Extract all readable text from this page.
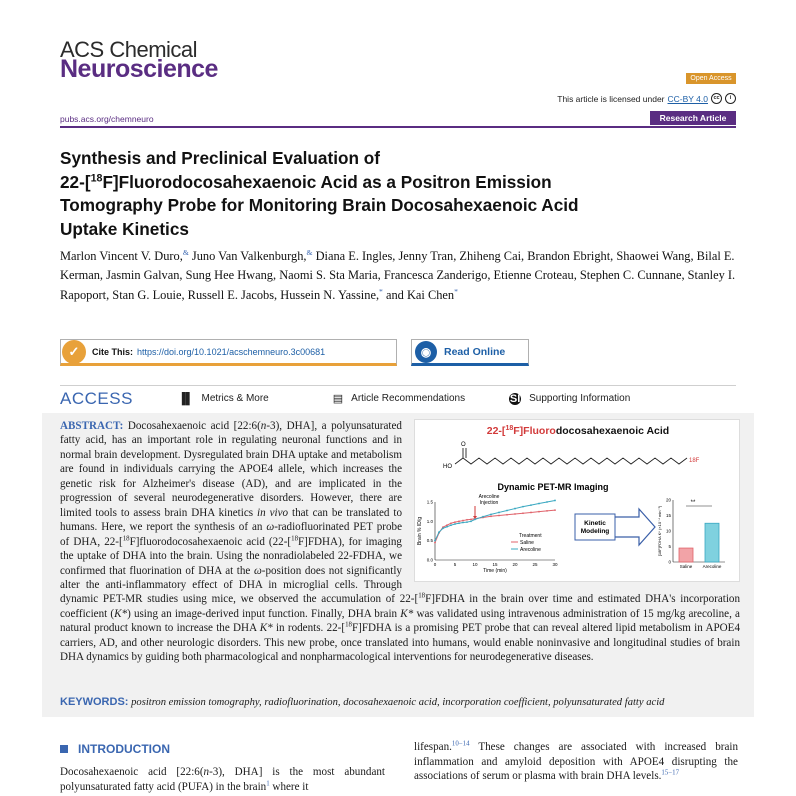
ACS Chemical
Neuroscience	Open Access
This article is licensed under CC-BY 4.0 cc	i
pubs.acs.org/chemneuro	Research Article
Synthesis and Preclinical Evaluation of
22-[$^{18}$F]Fluorodocosahexaenoic Acid as a Positron Emission
Tomography Probe for Monitoring Brain Docosahexaenoic Acid
Uptake Kinetics
Marlon Vincent V. Duro,& Juno Van Valkenburgh,& Diana E. Ingles, Jenny Tran, Zhiheng Cai, Brandon Ebright, Shaowei Wang, Bilal E. Kerman, Jasmin Galvan, Sung Hee Hwang, Naomi S. Sta Maria, Francesca Zanderigo, Etienne Croteau, Stephen C. Cunnane, Stanley I. Rapoport, Stan G. Louie, Russell E. Jacobs, Hussein N. Yassine,* and Kai Chen*
✓	Cite This: https://doi.org/10.1021/acschemneuro.3c00681	◉	Read Online
ACCESS	▐▌ Metrics & More	▤ Article Recommendations	SI Supporting Information
ABSTRACT: Docosahexaenoic acid [22:6(n-3), DHA], a polyunsaturated fatty acid, has an important role in regulating neuronal functions and in normal brain development. Dysregulated brain DHA uptake and metabolism are found in individuals carrying the APOE4 allele, which increases the genetic risk for Alzheimer's disease (AD), and are implicated in the progression of several neurodegenerative disorders. However, there are limited tools to assess brain DHA kinetics in vivo that can be translated to humans. Here, we report the synthesis of an ω-radiofluorinated PET probe of DHA, 22-[$^{18}$F]fluorodocosahexaenoic acid (22-[$^{18}$F]FDHA), for imaging the uptake of DHA into the brain. Using the nonradiolabeled 22-FDHA, we confirmed that fluorination of DHA at the ω-position does not significantly alter the anti-inflammatory effect of DHA in microglial cells. Through dynamic PET-MR studies using mice, we observed the accumulation of 22-[$^{18}$F]FDHA in the brain over time and estimated DHA's incorporation coefficient (K*) using an image-derived input function. Finally, DHA brain K* was validated using intravenous administration of 15 mg/kg arecoline, a natural product known to increase the DHA K* in rodents. 22-[$^{18}$F]FDHA is a promising PET probe that can reveal altered lipid metabolism in APOE4 carriers, AD, and other neurologic disorders. This new probe, once translated into humans, would enable noninvasive and longitudinal studies of brain DHA dynamics by guiding both pharmacological and nonpharmacological interventions for neurodegenerative diseases.
22-[$^{18}$F]Fluorodocosahexaenoic Acid
HO
O
18F
Dynamic PET-MR Imaging
0	5	10	15	20	25	30
0.0
0.5
1.0
1.5
Time (min)
Brain % ID/g
Arecoline
Injection
Treatment
Saline
Arecoline
Kinetic
Modeling
0
5
10
15
20
[18F]FDHA K* (×10⁻⁴ min⁻¹)
Saline Arecoline
**
KEYWORDS: positron emission tomography, radiofluorination, docosahexaenoic acid, incorporation coefficient, polyunsaturated fatty acid
INTRODUCTION
Docosahexaenoic acid [22:6(n-3), DHA] is the most abundant polyunsaturated fatty acid (PUFA) in the brain$^1$ where it
lifespan.$^{10-14}$ These changes are associated with increased brain inflammation and amyloid deposition with APOE4 disrupting the associations of serum or plasma with brain DHA levels.$^{15-17}$
